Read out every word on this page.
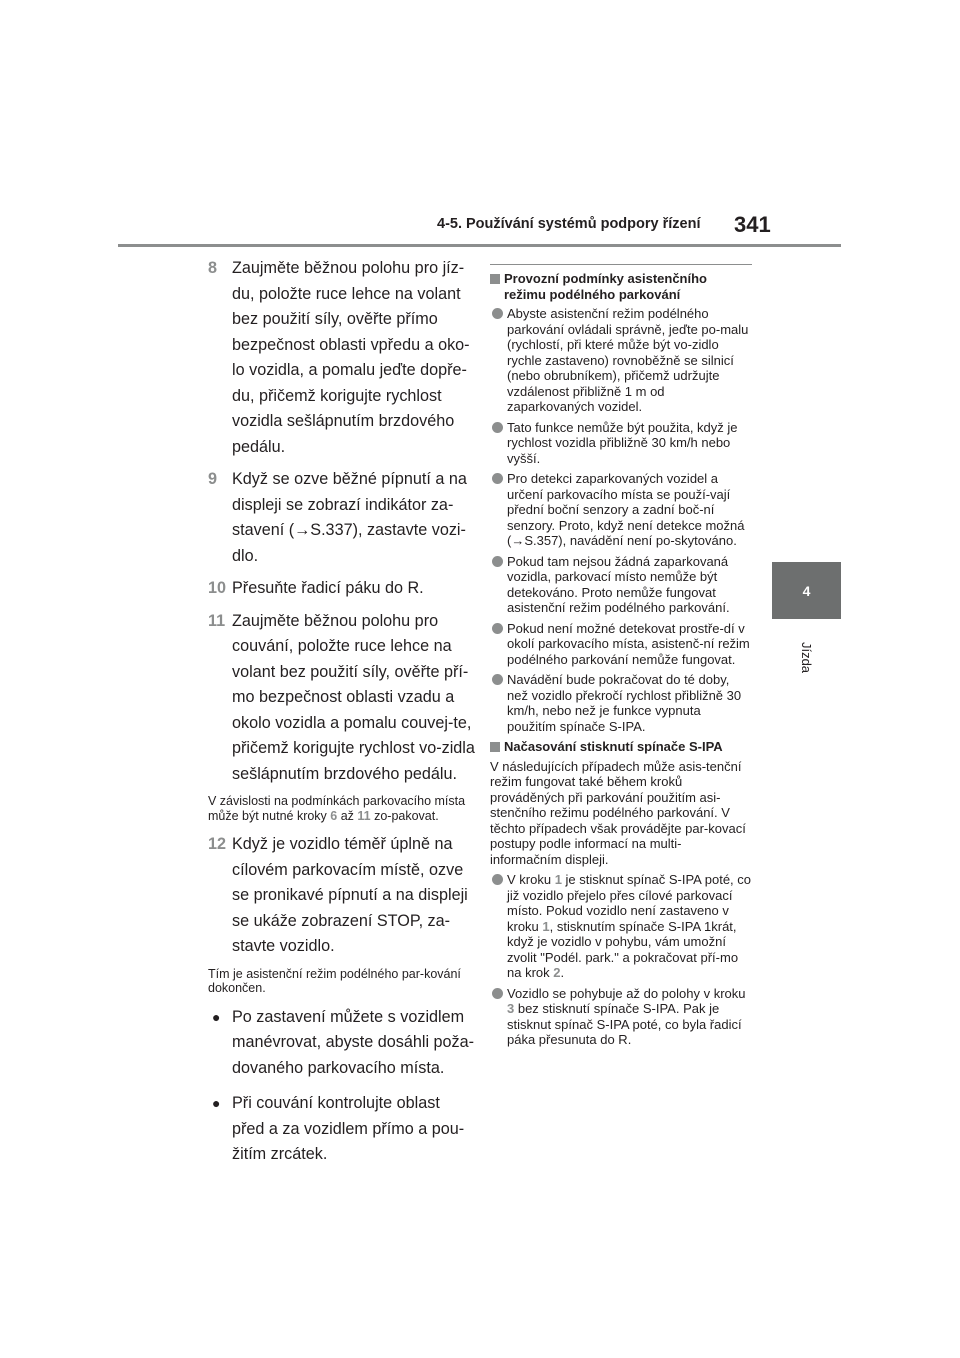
4-5. Používání systémů podpory řízení 341
4
Jízda
8 Zaujměte běžnou polohu pro jíz-du, položte ruce lehce na volant bez použití síly, ověřte přímo bezpečnost oblasti vpředu a oko-lo vozidla, a pomalu jeďte dopře-du, přičemž korigujte rychlost vozidla sešlápnutím brzdového pedálu.
9 Když se ozve běžné pípnutí a na displeji se zobrazí indikátor za-stavení (→S.337), zastavte vozi-dlo.
10 Přesuňte řadicí páku do R.
11 Zaujměte běžnou polohu pro couvání, položte ruce lehce na volant bez použití síly, ověřte pří-mo bezpečnost oblasti vzadu a okolo vozidla a pomalu couvej-te, přičemž korigujte rychlost vo-zidla sešlápnutím brzdového pedálu.
V závislosti na podmínkách parkovacího místa může být nutné kroky 6 až 11 zo-pakovat.
12 Když je vozidlo téměř úplně na cílovém parkovacím místě, ozve se pronikavé pípnutí a na displeji se ukáže zobrazení STOP, za-stavte vozidlo.
Tím je asistenční režim podélného par-kování dokončen.
● Po zastavení můžete s vozidlem manévrovat, abyste dosáhli poža-dovaného parkovacího místa.
● Při couvání kontrolujte oblast před a za vozidlem přímo a pou-žitím zrcátek.
Provozní podmínky asistenčního režimu podélného parkování
Abyste asistenční režim podélného parkování ovládali správně, jeďte po-malu (rychlostí, při které může být vo-zidlo rychle zastaveno) rovnoběžně se silnicí (nebo obrubníkem), přičemž udržujte vzdálenost přibližně 1 m od zaparkovaných vozidel.
Tato funkce nemůže být použita, když je rychlost vozidla přibližně 30 km/h nebo vyšší.
Pro detekci zaparkovaných vozidel a určení parkovacího místa se použí-vají přední boční senzory a zadní boč-ní senzory. Proto, když není detekce možná (→S.357), navádění není po-skytováno.
Pokud tam nejsou žádná zaparkovaná vozidla, parkovací místo nemůže být detekováno. Proto nemůže fungovat asistenční režim podélného parkování.
Pokud není možné detekovat prostře-dí v okolí parkovacího místa, asistenč-ní režim podélného parkování nemůže fungovat.
Navádění bude pokračovat do té doby, než vozidlo překročí rychlost přibližně 30 km/h, nebo než je funkce vypnuta použitím spínače S-IPA.
Načasování stisknutí spínače S-IPA
V následujících případech může asis-tenční režim fungovat také během kroků prováděných při parkování použitím asi-stenčního režimu podélného parkování. V těchto případech však provádějte par-kovací postupy podle informací na multi-informačním displeji.
V kroku 1 je stisknut spínač S-IPA poté, co již vozidlo přejelo přes cílové parkovací místo. Pokud vozidlo není zastaveno v kroku 1, stisknutím spínače S-IPA 1krát, když je vozidlo v pohybu, vám umožní zvolit "Podél. park." a pokračovat pří-mo na krok 2.
Vozidlo se pohybuje až do polohy v kroku 3 bez stisknutí spínače S-IPA. Pak je stisknut spínač S-IPA poté, co byla řadicí páka přesunuta do R.
